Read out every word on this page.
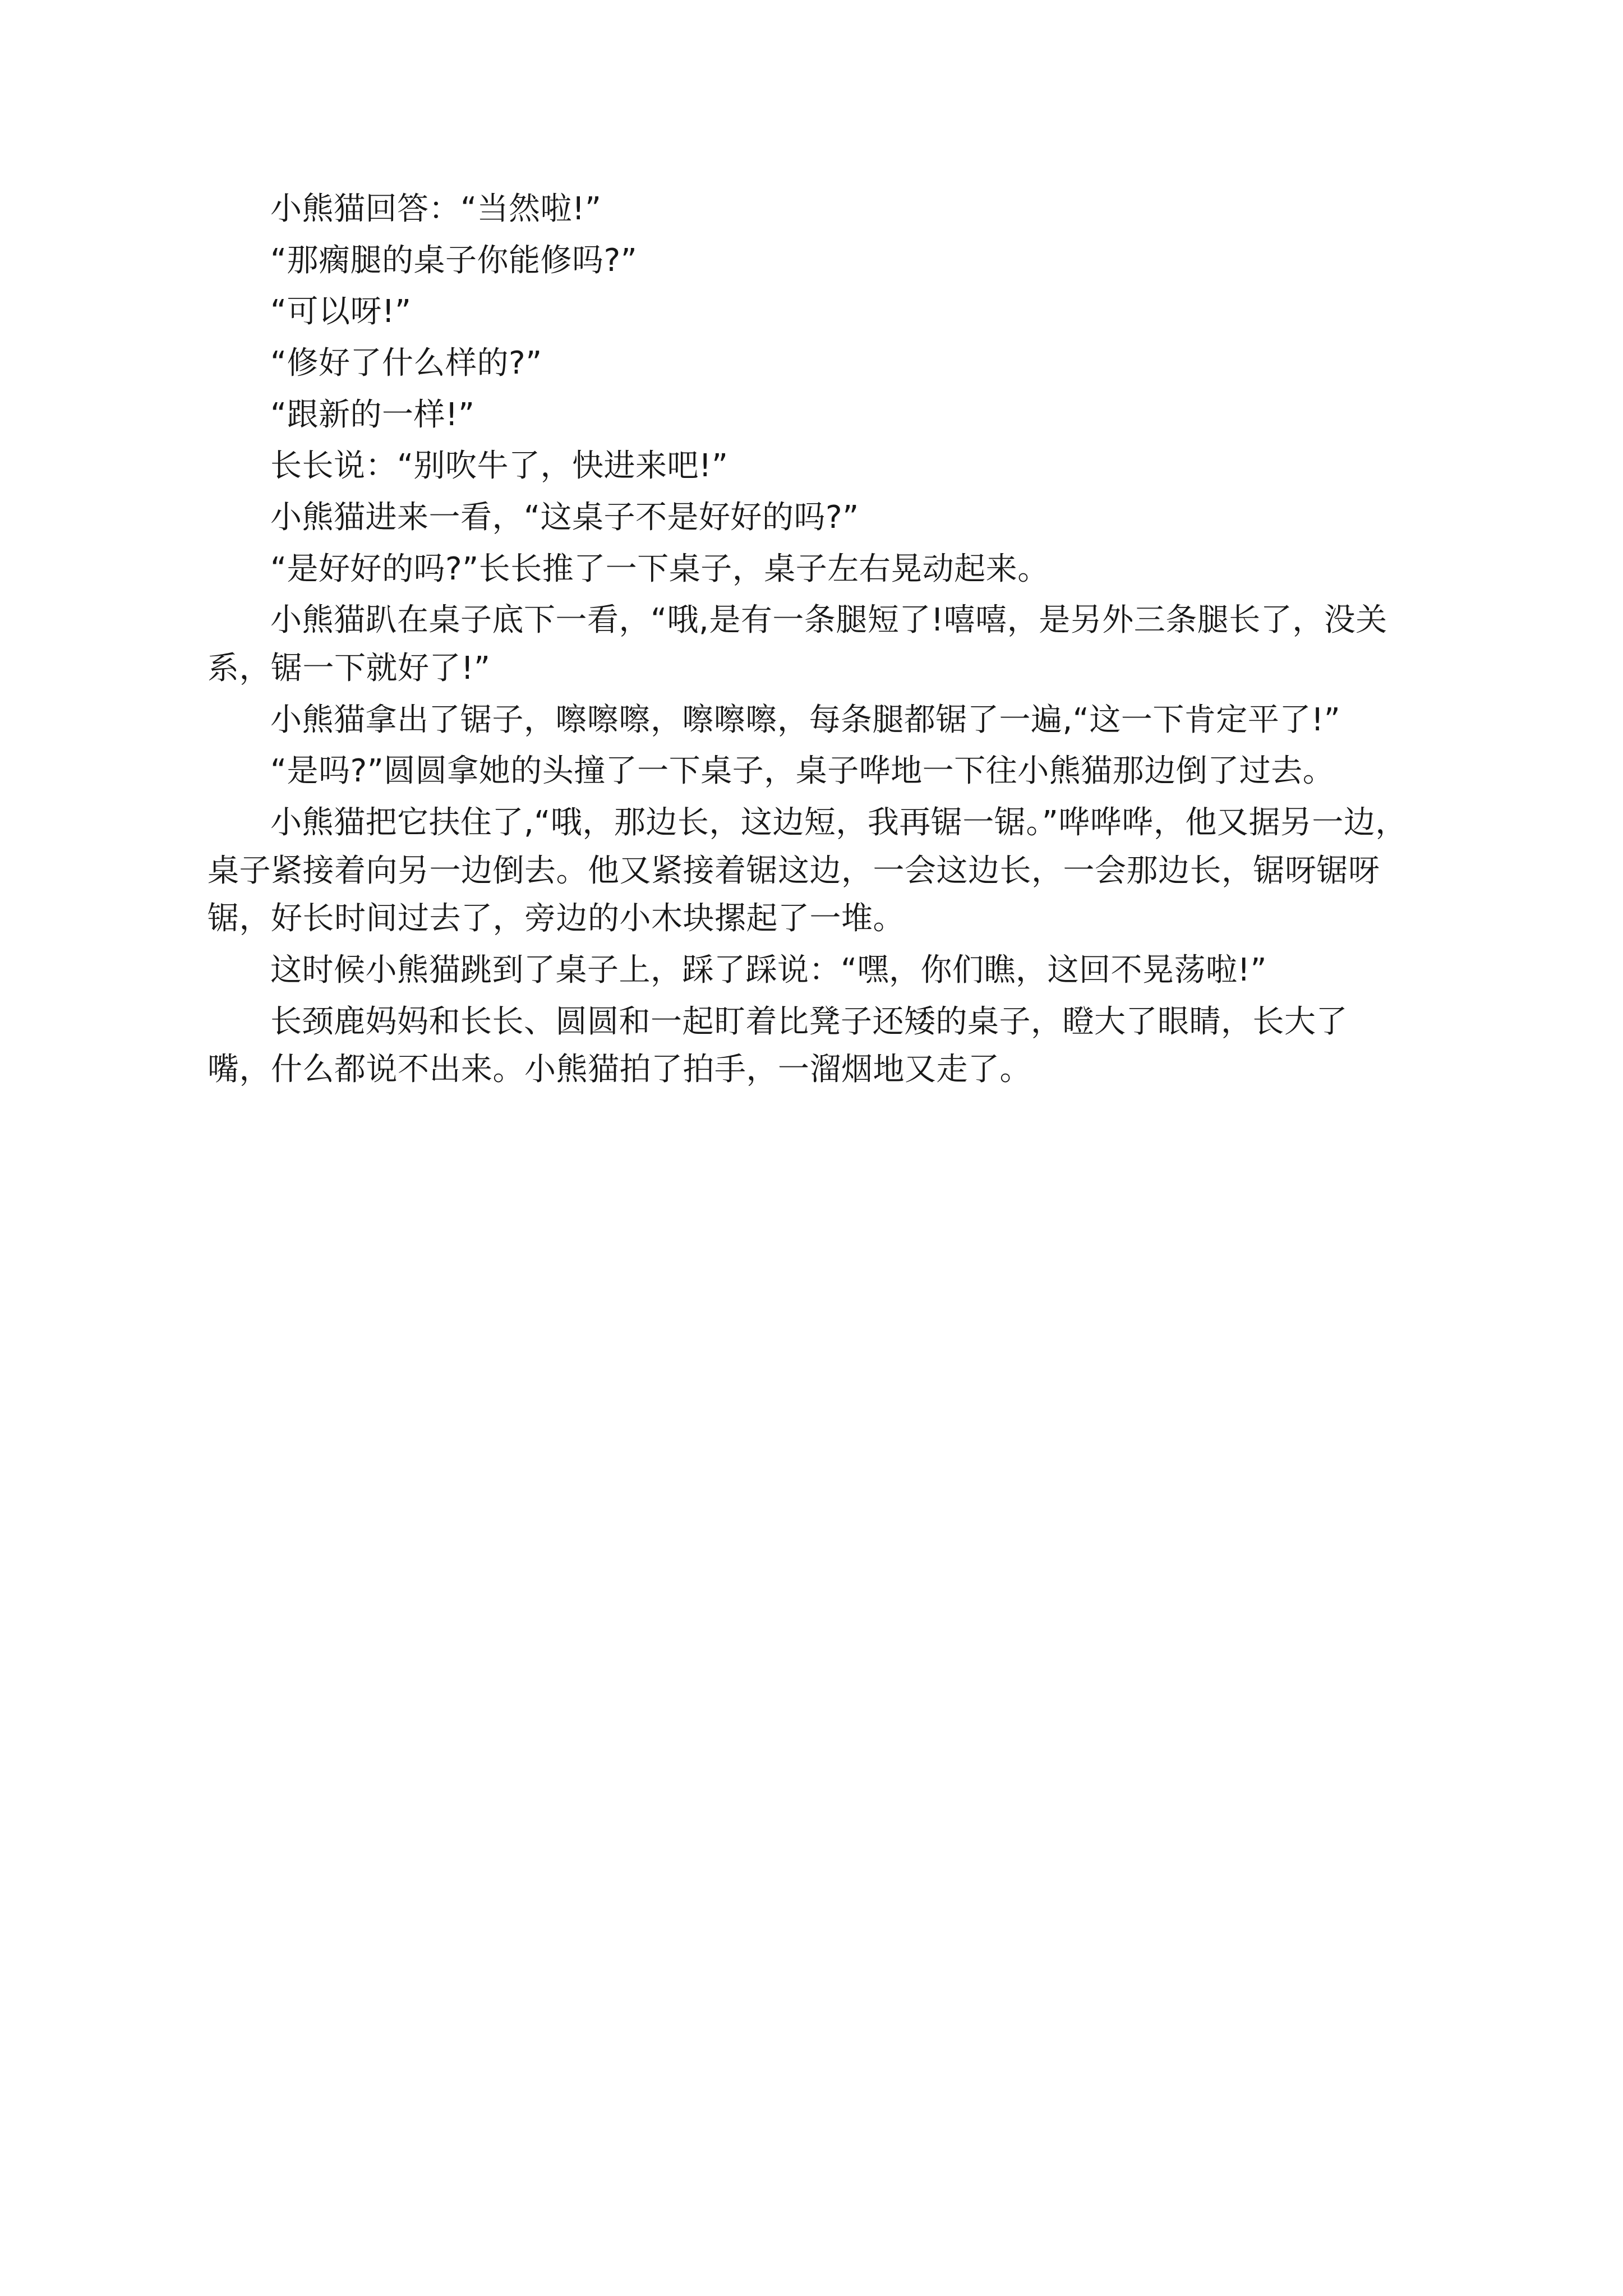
小熊猫回答：“当然啦!”

“那瘸腿的桌子你能修吗?”

“可以呀!”

“修好了什么样的?”

“跟新的一样!”

长长说：“别吹牛了，快进来吧!”

小熊猫进来一看，“这桌子不是好好的吗?”

“是好好的吗?”长长推了一下桌子，桌子左右晃动起来。

小熊猫趴在桌子底下一看，“哦,是有一条腿短了!嘻嘻，是另外三条腿长了，没关系，锯一下就好了!”

小熊猫拿出了锯子，嚓嚓嚓，嚓嚓嚓，每条腿都锯了一遍,“这一下肯定平了!”

“是吗?”圆圆拿她的头撞了一下桌子，桌子哗地一下往小熊猫那边倒了过去。

小熊猫把它扶住了,“哦，那边长，这边短，我再锯一锯。”哗哗哗，他又据另一边，桌子紧接着向另一边倒去。他又紧接着锯这边，一会这边长，一会那边长，锯呀锯呀锯，好长时间过去了，旁边的小木块摞起了一堆。

这时候小熊猫跳到了桌子上，踩了踩说：“嘿，你们瞧，这回不晃荡啦!”

长颈鹿妈妈和长长、圆圆和一起盯着比凳子还矮的桌子，瞪大了眼睛，长大了嘴，什么都说不出来。小熊猫拍了拍手，一溜烟地又走了。
